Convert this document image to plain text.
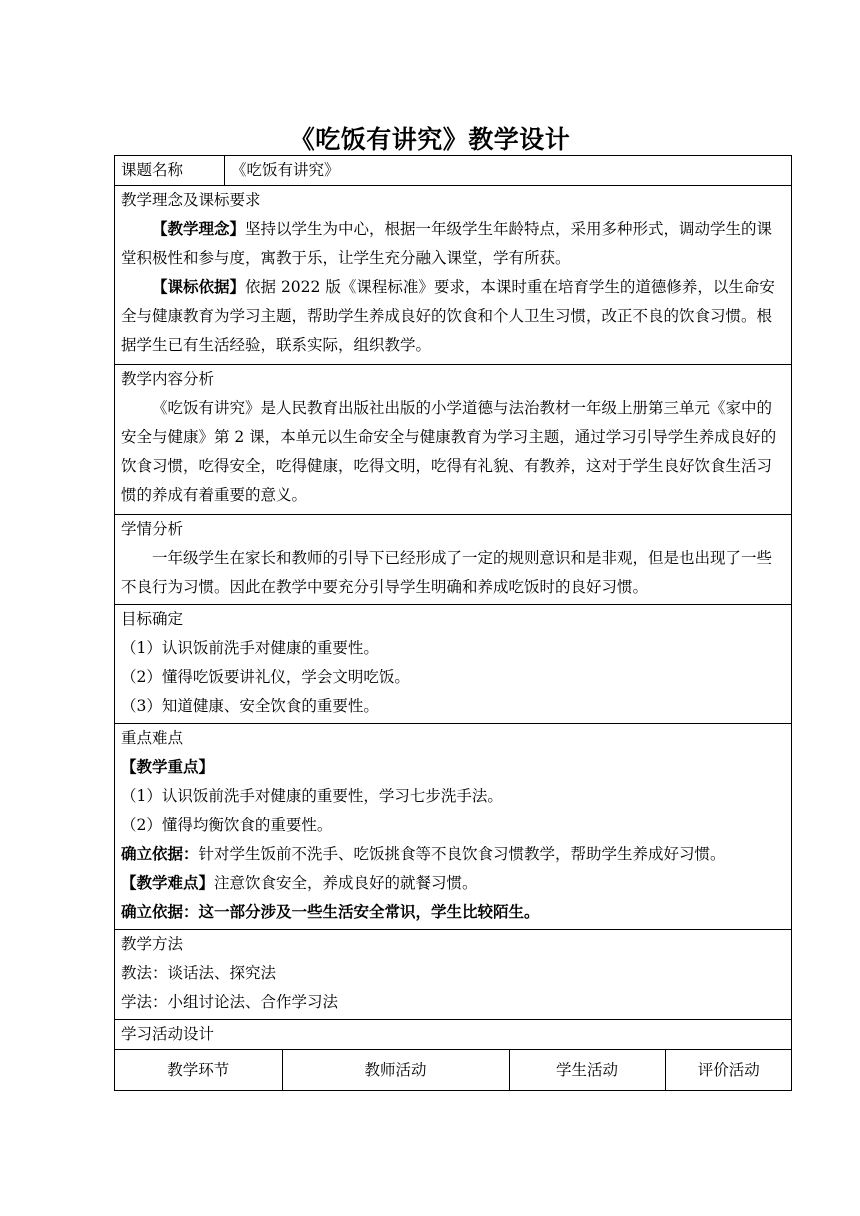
《吃饭有讲究》教学设计
课题名称	《吃饭有讲究》

教学理念及课标要求
【教学理念】坚持以学生为中心，根据一年级学生年龄特点，采用多种形式，调动学生的课堂积极性和参与度，寓教于乐，让学生充分融入课堂，学有所获。
【课标依据】依据 2022 版《课程标准》要求，本课时重在培育学生的道德修养，以生命安全与健康教育为学习主题，帮助学生养成良好的饮食和个人卫生习惯，改正不良的饮食习惯。根据学生已有生活经验，联系实际，组织教学。

教学内容分析
《吃饭有讲究》是人民教育出版社出版的小学道德与法治教材一年级上册第三单元《家中的安全与健康》第 2 课，本单元以生命安全与健康教育为学习主题，通过学习引导学生养成良好的饮食习惯，吃得安全，吃得健康，吃得文明，吃得有礼貌、有教养，这对于学生良好饮食生活习惯的养成有着重要的意义。

学情分析
一年级学生在家长和教师的引导下已经形成了一定的规则意识和是非观，但是也出现了一些不良行为习惯。因此在教学中要充分引导学生明确和养成吃饭时的良好习惯。

目标确定
（1）认识饭前洗手对健康的重要性。
（2）懂得吃饭要讲礼仪，学会文明吃饭。
（3）知道健康、安全饮食的重要性。

重点难点
【教学重点】
（1）认识饭前洗手对健康的重要性，学习七步洗手法。
（2）懂得均衡饮食的重要性。
确立依据：针对学生饭前不洗手、吃饭挑食等不良饮食习惯教学，帮助学生养成好习惯。
【教学难点】注意饮食安全，养成良好的就餐习惯。
确立依据：这一部分涉及一些生活安全常识，学生比较陌生。

教学方法
教法：谈话法、探究法
学法：小组讨论法、合作学习法

学习活动设计

教学环节	教师活动	学生活动	评价活动
